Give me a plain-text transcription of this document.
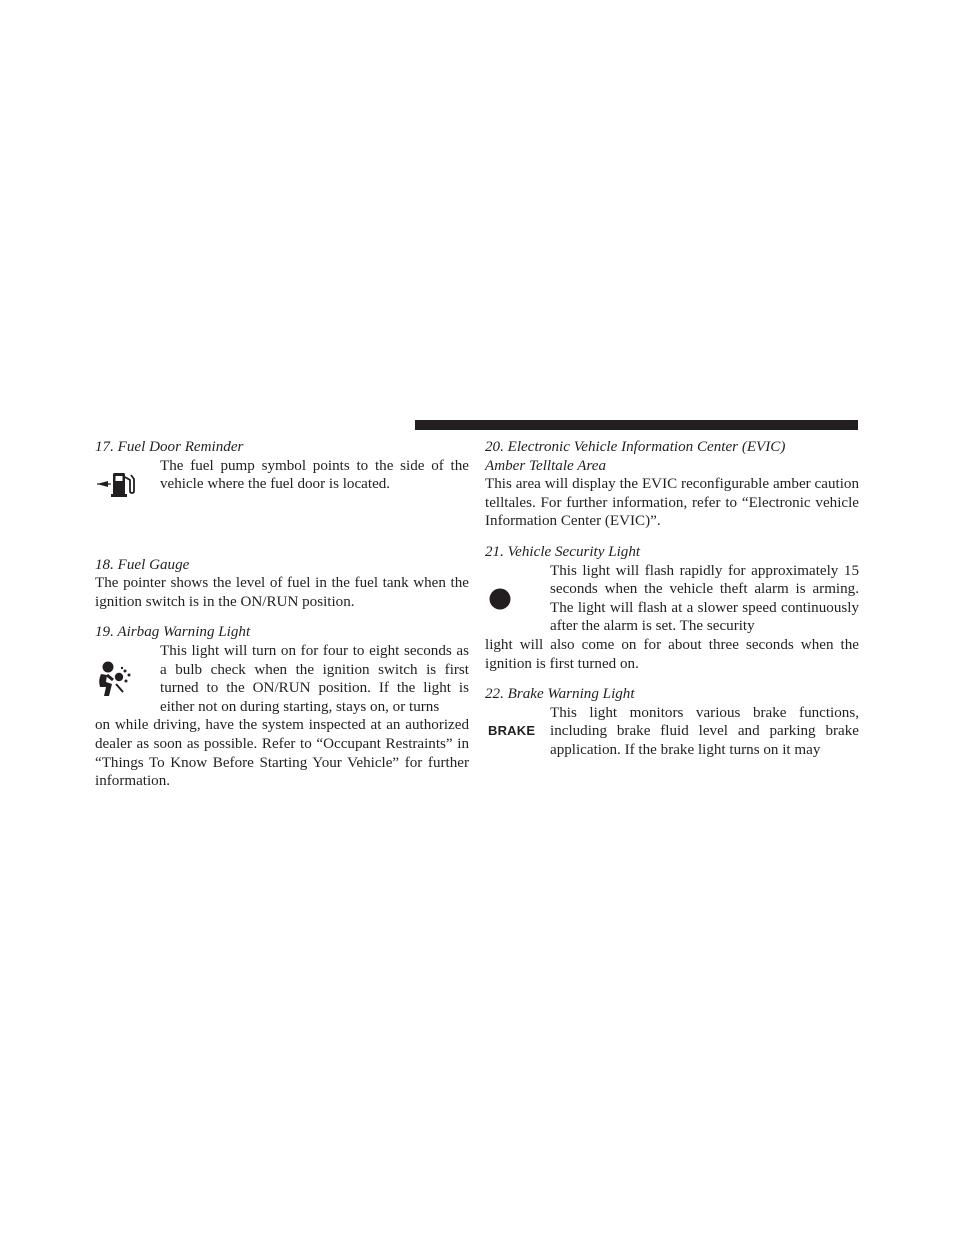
17. Fuel Door Reminder
The fuel pump symbol points to the side of the vehicle where the fuel door is located.
18. Fuel Gauge

The pointer shows the level of fuel in the fuel tank when the ignition switch is in the ON/RUN position.

19. Airbag Warning Light
This light will turn on for four to eight seconds as a bulb check when the ignition switch is first turned to the ON/RUN position. If the light is either not on during starting, stays on, or turns
on while driving, have the system inspected at an authorized dealer as soon as possible. Refer to “Occupant Restraints” in “Things To Know Before Starting Your Vehicle” for further information.
20. Electronic Vehicle Information Center (EVIC)
Amber Telltale Area

This area will display the EVIC reconfigurable amber caution telltales. For further information, refer to “Electronic vehicle Information Center (EVIC)”.

21. Vehicle Security Light
This light will flash rapidly for approximately 15 seconds when the vehicle theft alarm is arming. The light will flash at a slower speed continuously after the alarm is set. The security
light will also come on for about three seconds when the ignition is first turned on.
22. Brake Warning Light
BRAKE
This light monitors various brake functions, including brake fluid level and parking brake application. If the brake light turns on it may
